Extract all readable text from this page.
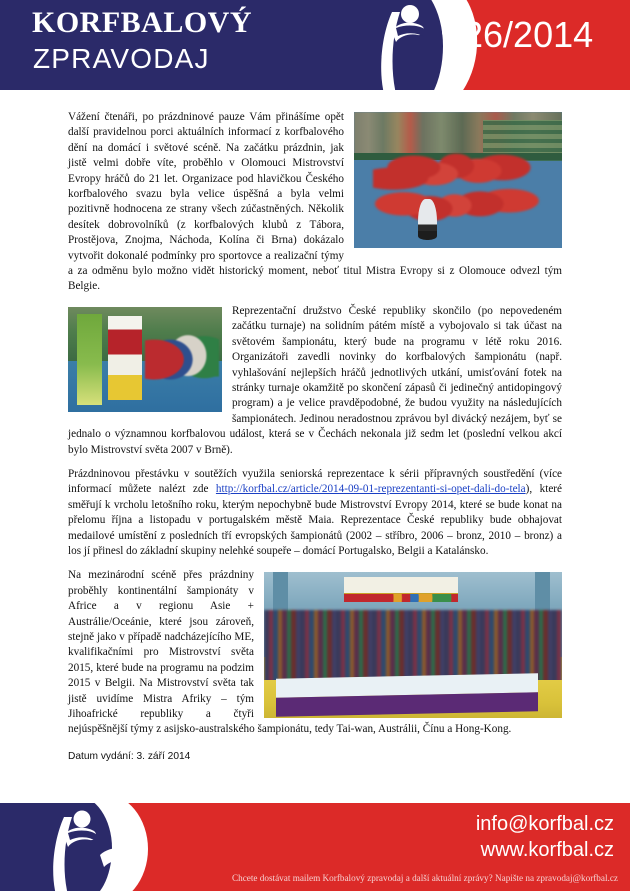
KORFBALOVÝ
ZPRAVODAJ
26/2014

Vážení čtenáři, po prázdninové pauze Vám přinášíme opět další pravidelnou porci aktuálních informací z korfbalového dění na domácí i světové scéně. Na začátku prázdnin, jak jistě velmi dobře víte, proběhlo v Olomouci Mistrovství Evropy hráčů do 21 let. Organizace pod hlavičkou Českého korfbalového svazu byla velice úspěšná a byla velmi pozitivně hodnocena ze strany všech zúčastněných. Několik desítek dobrovolníků (z korfbalových klubů z Tábora, Prostějova, Znojma, Náchoda, Kolína či Brna) dokázalo vytvořit dokonalé podmínky pro sportovce a realizační týmy a za odměnu bylo možno vidět historický moment, neboť titul Mistra Evropy si z Olomouce odvezl tým Belgie.

Reprezentační družstvo České republiky skončilo (po nepovedeném začátku turnaje) na solidním pátém místě a vybojovalo si tak účast na světovém šampionátu, který bude na programu v létě roku 2016. Organizátoři zavedli novinky do korfbalových šampionátu (např. vyhlašování nejlepších hráčů jednotlivých utkání, umisťování fotek na stránky turnaje okamžitě po skončení zápasů či jedinečný antidopingový program) a je velice pravděpodobné, že budou využity na následujících šampionátech. Jedinou neradostnou zprávou byl divácký nezájem, byť se jednalo o významnou korfbalovou událost, která se v Čechách nekonala již sedm let (poslední velkou akcí bylo Mistrovství světa 2007 v Brně).

Prázdninovou přestávku v soutěžích využila seniorská reprezentace k sérii přípravných soustředění (více informací můžete nalézt zde http://korfbal.cz/article/2014-09-01-reprezentanti-si-opet-dali-do-tela), které směřují k vrcholu letošního roku, kterým nepochybně bude Mistrovství Evropy 2014, které se bude konat na přelomu října a listopadu v portugalském městě Maia. Reprezentace České republiky bude obhajovat medailové umístění z posledních tří evropských šampionátů (2002 – stříbro, 2006 – bronz, 2010 – bronz) a los jí přinesl do základní skupiny nelehké soupeře – domácí Portugalsko, Belgii a Katalánsko.

Na mezinárodní scéně přes prázdniny proběhly kontinentální šampionáty v Africe a v regionu Asie + Austrálie/Oceánie, které jsou zároveň, stejně jako v případě nadcházejícího ME, kvalifikačními pro Mistrovství světa 2015, které bude na programu na podzim 2015 v Belgii. Na Mistrovství světa tak jistě uvidíme Mistra Afriky – tým Jihoafrické republiky a čtyři nejúspěšnější týmy z asijsko-australského šampionátu, tedy Tai-wan, Austrálii, Čínu a Hong-Kong.

Datum vydání: 3. září 2014

info@korfbal.cz
www.korfbal.cz
Chcete dostávat mailem Korfbalový zpravodaj a další aktuální zprávy? Napište na zpravodaj@korfbal.cz
